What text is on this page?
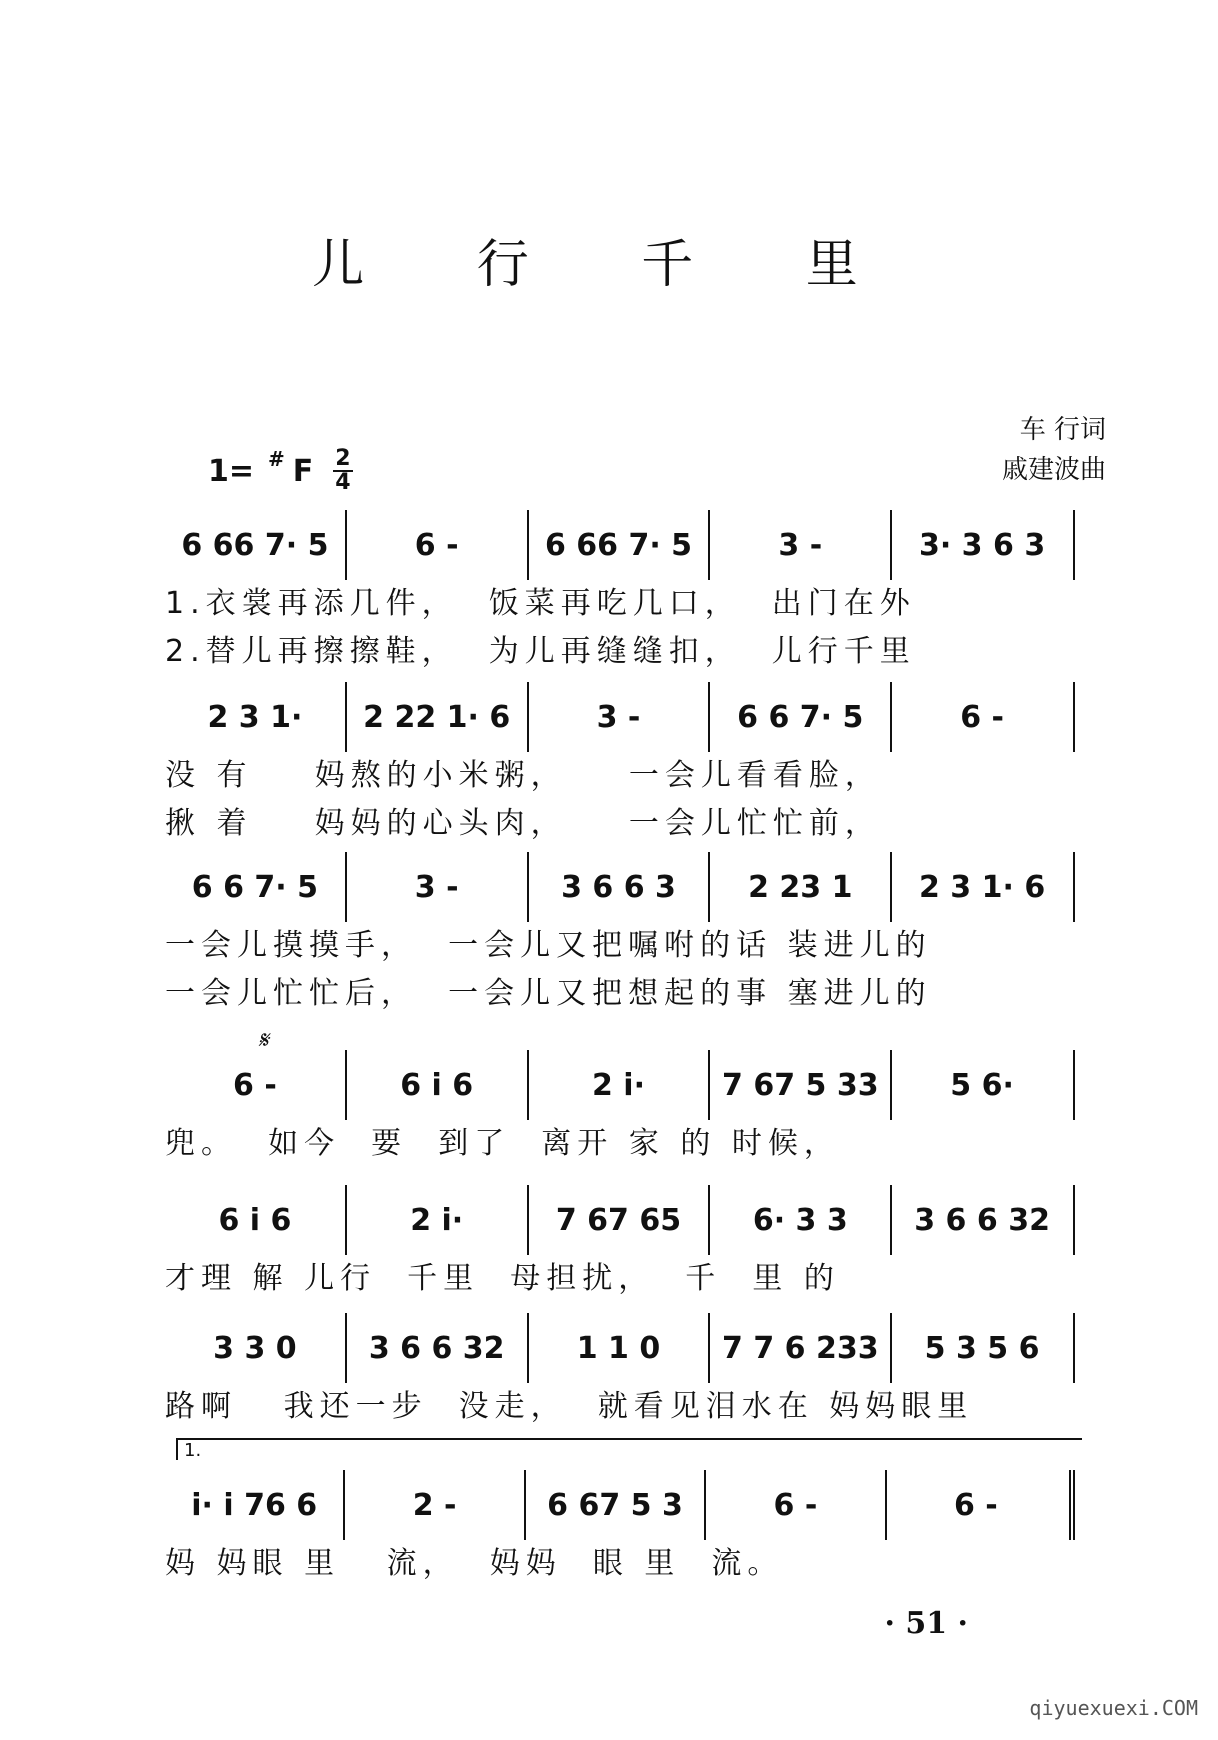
儿 行 千 里
车 行词
戚建波曲
1= # F $\frac{2}{4}$
6 66 7· 5	6 -	6 66 7· 5	3 -	3· 3 6 3
1.衣裳再添几件，  饭菜再吃几口，  出门在外
2.替儿再擦擦鞋，  为儿再缝缝扣，  儿行千里
2 3 1·	2 22 1· 6	3 -	6 6 7· 5	6 -
没 有    妈熬的小米粥，    一会儿看看脸，
揪 着    妈妈的心头肉，    一会儿忙忙前，
6 6 7· 5	3 -	3 6 6 3	2 23 1	2 3 1· 6
一会儿摸摸手，  一会儿又把嘱咐的话 装进儿的
一会儿忙忙后，  一会儿又把想起的事 塞进儿的
𝄋
6 -	6 i 6	2 i·	7 67 5 33	5 6·
兜。  如今  要  到了  离开 家 的 时候，
6 i 6	2 i·	7 67 65	6· 3 3	3 6 6 32
才理 解 儿行  千里  母担扰，  千  里 的
3 3 0	3 6 6 32	1 1 0	7 7 6 233	5 3 5 6
路啊   我还一步  没走，  就看见泪水在 妈妈眼里
1.
i· i 76 6	2 -	6 67 5 3	6 -	6 -
妈 妈眼 里   流，  妈妈  眼 里  流。
· 51 ·
qiyuexuexi.COM
